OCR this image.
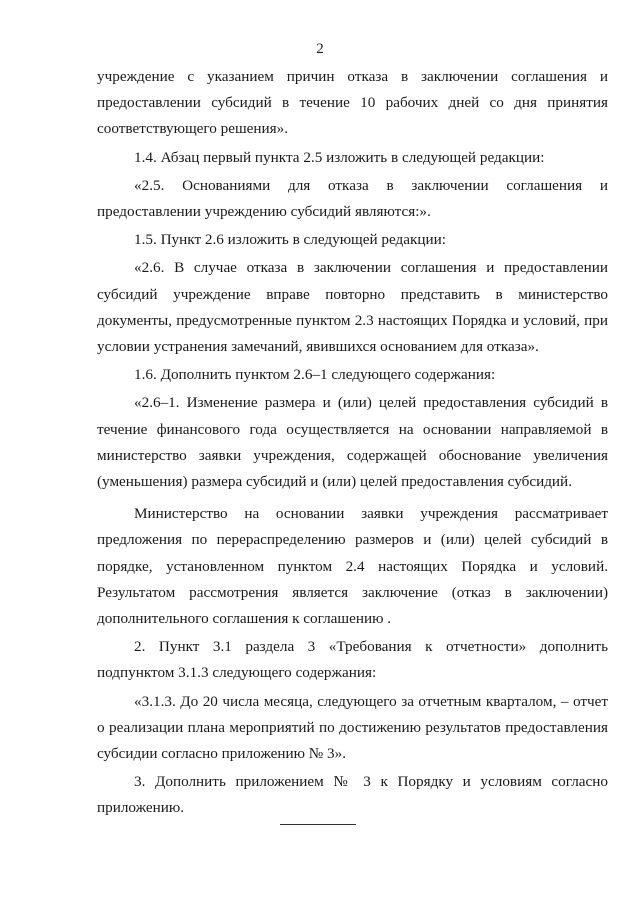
2

учреждение с указанием причин отказа в заключении соглашения и

предоставлении субсидий в течение 10 рабочих дней со дня принятия

соответствующего решения».

1.4. Абзац первый пункта 2.5 изложить в следующей редакции:

«2.5. Основаниями для отказа в заключении соглашения и

предоставлении учреждению субсидий являются:».

1.5. Пункт 2.6 изложить в следующей редакции:

«2.6. В случае отказа в заключении соглашения и предоставлении

субсидий учреждение вправе повторно представить в министерство

документы, предусмотренные пунктом 2.3 настоящих Порядка и условий, при

условии устранения замечаний, явившихся основанием для отказа».

1.6. Дополнить пунктом 2.6–1 следующего содержания:

«2.6–1. Изменение размера и (или) целей предоставления субсидий в

течение финансового года осуществляется на основании направляемой в

министерство заявки учреждения, содержащей обоснование увеличения

(уменьшения) размера субсидий и (или) целей предоставления субсидий.

Министерство на основании заявки учреждения рассматривает

предложения по перераспределению размеров и (или) целей субсидий в

порядке, установленном пунктом 2.4 настоящих Порядка и условий.

Результатом рассмотрения является заключение (отказ в заключении)

дополнительного соглашения к соглашению .

2. Пункт 3.1 раздела 3 «Требования к отчетности» дополнить

подпунктом 3.1.3 следующего содержания:

«3.1.3. До 20 числа месяца, следующего за отчетным кварталом, – отчет

о реализации плана мероприятий по достижению результатов предоставления

субсидии согласно приложению № 3».

3. Дополнить приложением № 3 к Порядку и условиям согласно

приложению.
